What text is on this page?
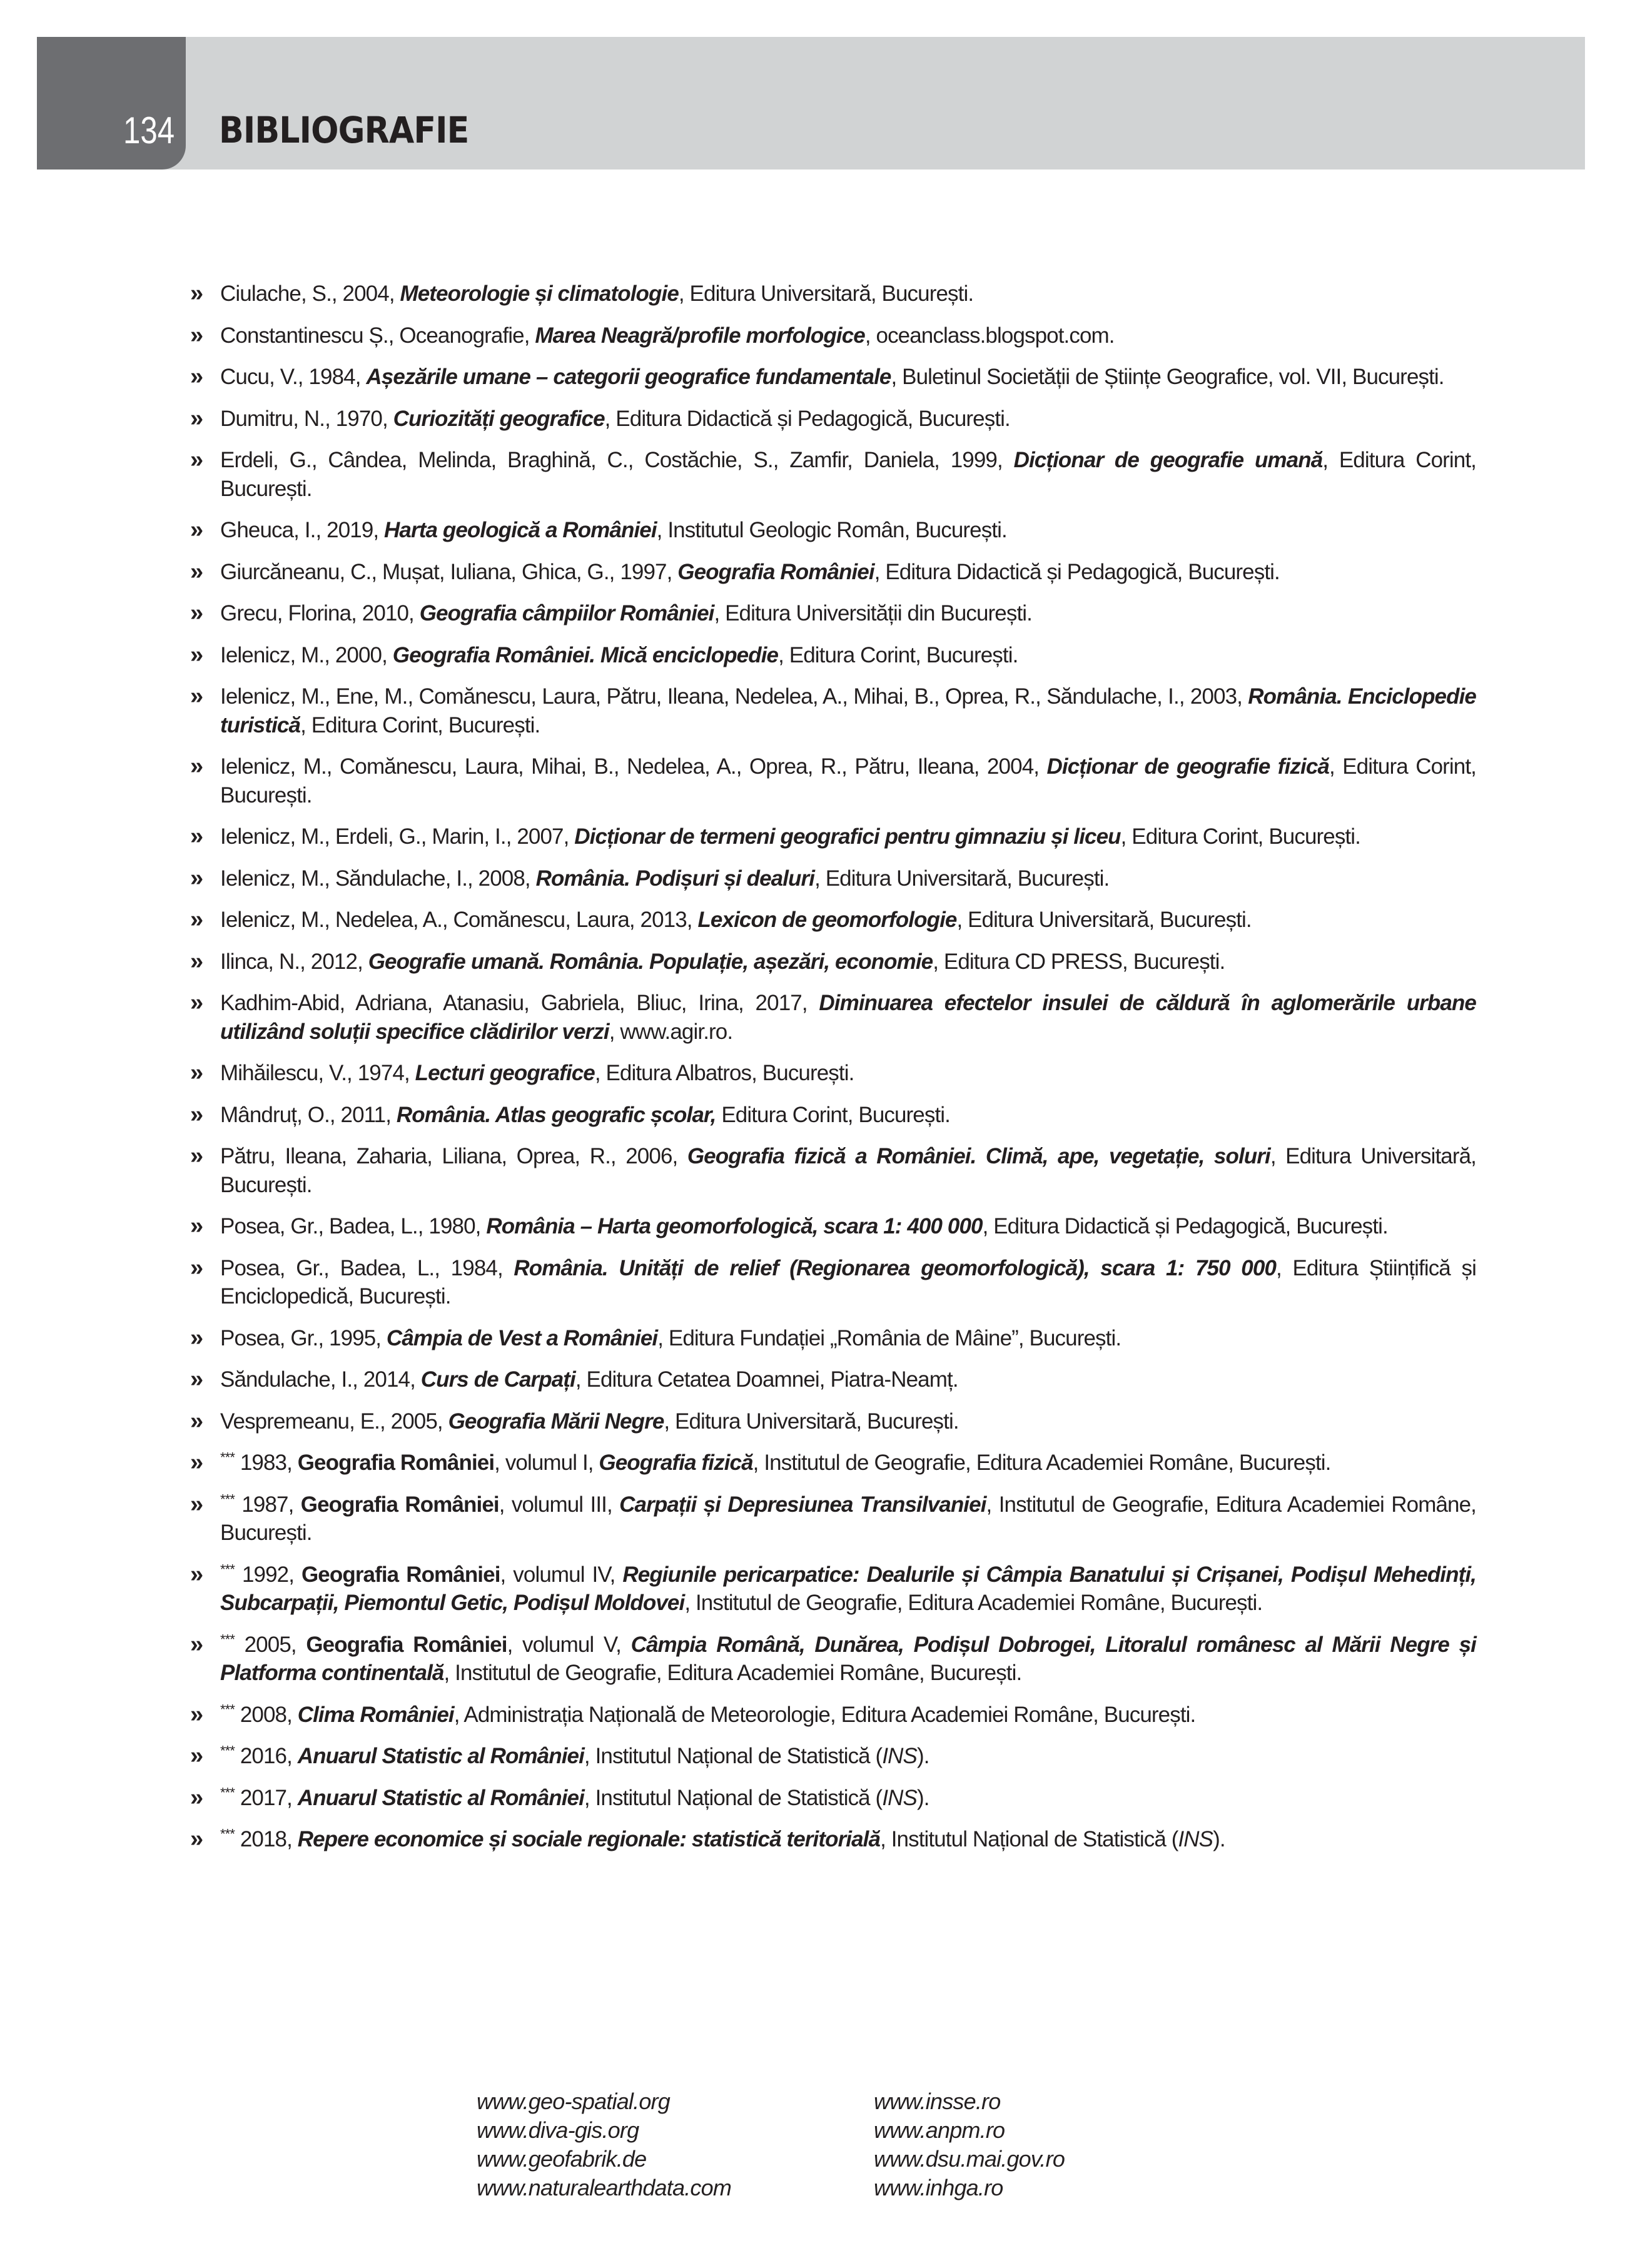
134 BIBLIOGRAFIE
» Ciulache, S., 2004, Meteorologie și climatologie, Editura Universitară, București.
» Constantinescu Ș., Oceanografie, Marea Neagră/profile morfologice, oceanclass.blogspot.com.
» Cucu, V., 1984, Așezările umane – categorii geografice fundamentale, Buletinul Societății de Științe Geografice, vol. VII, București.
» Dumitru, N., 1970, Curiozități geografice, Editura Didactică și Pedagogică, București.
» Erdeli, G., Cândea, Melinda, Braghină, C., Costăchie, S., Zamfir, Daniela, 1999, Dicționar de geografie umană, Editura Corint, București.
» Gheuca, I., 2019, Harta geologică a României, Institutul Geologic Român, București.
» Giurcăneanu, C., Mușat, Iuliana, Ghica, G., 1997, Geografia României, Editura Didactică și Pedagogică, București.
» Grecu, Florina, 2010, Geografia câmpiilor României, Editura Universității din București.
» Ielenicz, M., 2000, Geografia României. Mică enciclopedie, Editura Corint, București.
» Ielenicz, M., Ene, M., Comănescu, Laura, Pătru, Ileana, Nedelea, A., Mihai, B., Oprea, R., Săndulache, I., 2003, România. Enciclopedie turistică, Editura Corint, București.
» Ielenicz, M., Comănescu, Laura, Mihai, B., Nedelea, A., Oprea, R., Pătru, Ileana, 2004, Dicționar de geografie fizică, Editura Corint, București.
» Ielenicz, M., Erdeli, G., Marin, I., 2007, Dicționar de termeni geografici pentru gimnaziu și liceu, Editura Corint, București.
» Ielenicz, M., Săndulache, I., 2008, România. Podișuri și dealuri, Editura Universitară, București.
» Ielenicz, M., Nedelea, A., Comănescu, Laura, 2013, Lexicon de geomorfologie, Editura Universitară, București.
» Ilinca, N., 2012, Geografie umană. România. Populație, așezări, economie, Editura CD PRESS, București.
» Kadhim-Abid, Adriana, Atanasiu, Gabriela, Bliuc, Irina, 2017, Diminuarea efectelor insulei de căldură în aglomerările urbane utilizând soluții specifice clădirilor verzi, www.agir.ro.
» Mihăilescu, V., 1974, Lecturi geografice, Editura Albatros, București.
» Mândruț, O., 2011, România. Atlas geografic școlar, Editura Corint, București.
» Pătru, Ileana, Zaharia, Liliana, Oprea, R., 2006, Geografia fizică a României. Climă, ape, vegetație, soluri, Editura Universitară, București.
» Posea, Gr., Badea, L., 1980, România – Harta geomorfologică, scara 1: 400 000, Editura Didactică și Pedagogică, București.
» Posea, Gr., Badea, L., 1984, România. Unități de relief (Regionarea geomorfologică), scara 1: 750 000, Editura Științifică și Enciclopedică, București.
» Posea, Gr., 1995, Câmpia de Vest a României, Editura Fundației „România de Mâine”, București.
» Săndulache, I., 2014, Curs de Carpați, Editura Cetatea Doamnei, Piatra-Neamț.
» Vespremeanu, E., 2005, Geografia Mării Negre, Editura Universitară, București.
» *** 1983, Geografia României, volumul I, Geografia fizică, Institutul de Geografie, Editura Academiei Române, București.
» *** 1987, Geografia României, volumul III, Carpații și Depresiunea Transilvaniei, Institutul de Geografie, Editura Academiei Române, București.
» *** 1992, Geografia României, volumul IV, Regiunile pericarpatice: Dealurile și Câmpia Banatului și Crișanei, Podișul Mehedinți, Subcarpații, Piemontul Getic, Podișul Moldovei, Institutul de Geografie, Editura Academiei Române, București.
» *** 2005, Geografia României, volumul V, Câmpia Română, Dunărea, Podișul Dobrogei, Litoralul românesc al Mării Negre și Platforma continentală, Institutul de Geografie, Editura Academiei Române, București.
» *** 2008, Clima României, Administrația Națională de Meteorologie, Editura Academiei Române, București.
» *** 2016, Anuarul Statistic al României, Institutul Național de Statistică (INS).
» *** 2017, Anuarul Statistic al României, Institutul Național de Statistică (INS).
» *** 2018, Repere economice și sociale regionale: statistică teritorială, Institutul Național de Statistică (INS).
www.geo-spatial.org	www.insse.ro
www.diva-gis.org	www.anpm.ro
www.geofabrik.de	www.dsu.mai.gov.ro
www.naturalearthdata.com	www.inhga.ro
